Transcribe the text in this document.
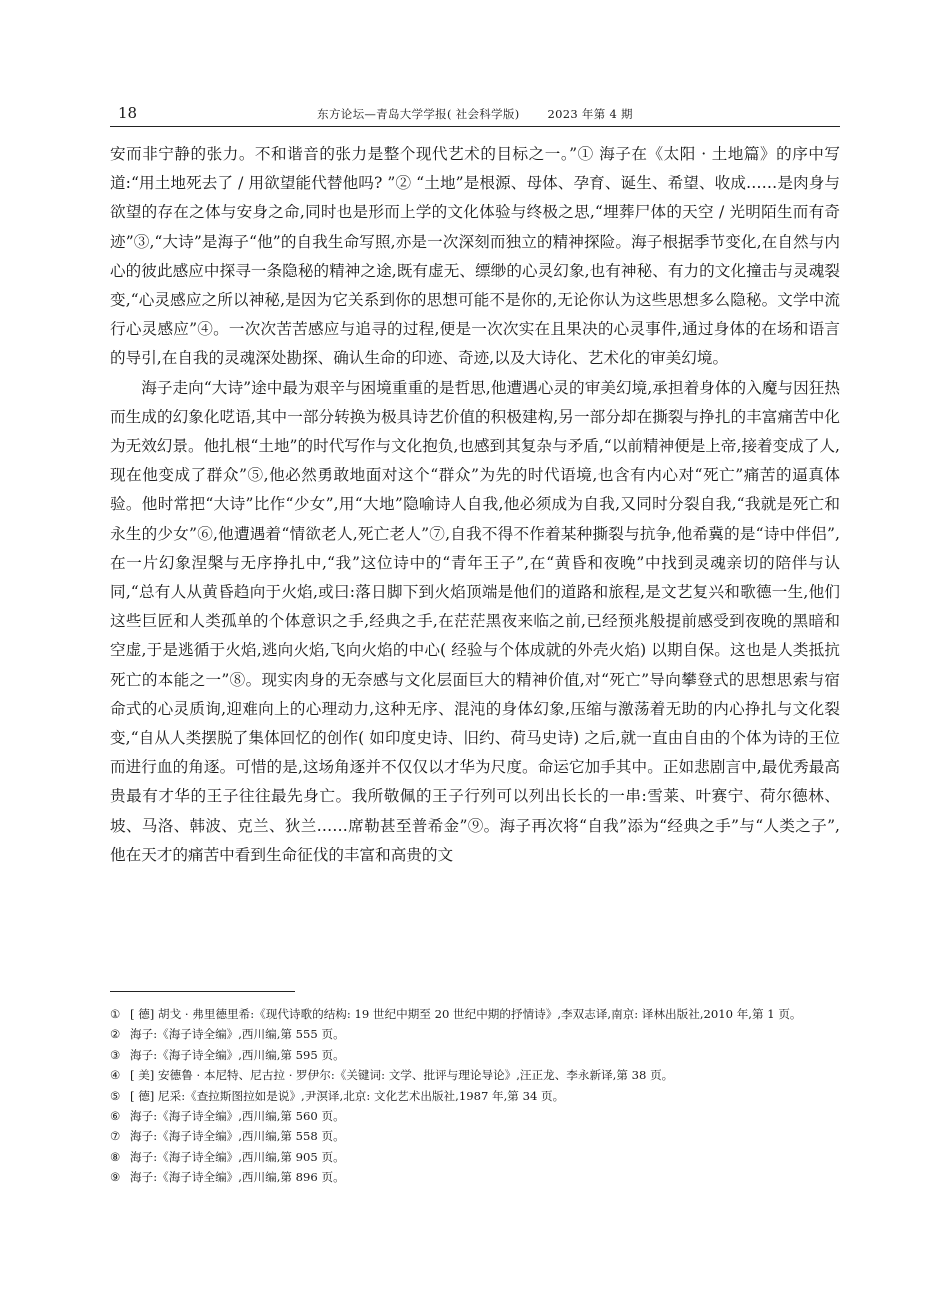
18	东方论坛—青岛大学学报( 社会科学版) 2023 年第 4 期

安而非宁静的张力。不和谐音的张力是整个现代艺术的目标之一。”① 海子在《太阳 · 土地篇》的序中写道:“用土地死去了 / 用欲望能代替他吗? ”② “土地”是根源、母体、孕育、诞生、希望、收成……是肉身与欲望的存在之体与安身之命,同时也是形而上学的文化体验与终极之思,“埋葬尸体的天空 / 光明陌生而有奇迹”③,“大诗”是海子“他”的自我生命写照,亦是一次深刻而独立的精神探险。海子根据季节变化,在自然与内心的彼此感应中探寻一条隐秘的精神之途,既有虚无、缥缈的心灵幻象,也有神秘、有力的文化撞击与灵魂裂变,“心灵感应之所以神秘,是因为它关系到你的思想可能不是你的,无论你认为这些思想多么隐秘。文学中流行心灵感应”④。一次次苦苦感应与追寻的过程,便是一次次实在且果决的心灵事件,通过身体的在场和语言的导引,在自我的灵魂深处勘探、确认生命的印迹、奇迹,以及大诗化、艺术化的审美幻境。

海子走向“大诗”途中最为艰辛与困境重重的是哲思,他遭遇心灵的审美幻境,承担着身体的入魔与因狂热而生成的幻象化呓语,其中一部分转换为极具诗艺价值的积极建构,另一部分却在撕裂与挣扎的丰富痛苦中化为无效幻景。他扎根“土地”的时代写作与文化抱负,也感到其复杂与矛盾,“以前精神便是上帝,接着变成了人,现在他变成了群众”⑤,他必然勇敢地面对这个“群众”为先的时代语境,也含有内心对“死亡”痛苦的逼真体验。他时常把“大诗”比作“少女”,用“大地”隐喻诗人自我,他必须成为自我,又同时分裂自我,“我就是死亡和永生的少女”⑥,他遭遇着“情欲老人,死亡老人”⑦,自我不得不作着某种撕裂与抗争,他希冀的是“诗中伴侣”,在一片幻象涅槃与无序挣扎中,“我”这位诗中的“青年王子”,在“黄昏和夜晚”中找到灵魂亲切的陪伴与认同,“总有人从黄昏趋向于火焰,或曰:落日脚下到火焰顶端是他们的道路和旅程,是文艺复兴和歌德一生,他们这些巨匠和人类孤单的个体意识之手,经典之手,在茫茫黑夜来临之前,已经预兆般提前感受到夜晚的黑暗和空虚,于是逃循于火焰,逃向火焰,飞向火焰的中心( 经验与个体成就的外壳火焰) 以期自保。这也是人类抵抗死亡的本能之一”⑧。现实肉身的无奈感与文化层面巨大的精神价值,对“死亡”导向攀登式的思想思索与宿命式的心灵质询,迎难向上的心理动力,这种无序、混沌的身体幻象,压缩与激荡着无助的内心挣扎与文化裂变,“自从人类摆脱了集体回忆的创作( 如印度史诗、旧约、荷马史诗) 之后,就一直由自由的个体为诗的王位而进行血的角逐。可惜的是,这场角逐并不仅仅以才华为尺度。命运它加手其中。正如悲剧言中,最优秀最高贵最有才华的王子往往最先身亡。我所敬佩的王子行列可以列出长长的一串:雪莱、叶赛宁、荷尔德林、坡、马洛、韩波、克兰、狄兰……席勒甚至普希金”⑨。海子再次将“自我”添为“经典之手”与“人类之子”,他在天才的痛苦中看到生命征伐的丰富和高贵的文

① [ 德] 胡戈 · 弗里德里希:《现代诗歌的结构: 19 世纪中期至 20 世纪中期的抒情诗》,李双志译,南京: 译林出版社,2010 年,第 1 页。
② 海子:《海子诗全编》,西川编,第 555 页。
③ 海子:《海子诗全编》,西川编,第 595 页。
④ [ 美] 安德鲁 · 本尼特、尼古拉 · 罗伊尔:《关键词: 文学、批评与理论导论》,汪正龙、李永新译,第 38 页。
⑤ [ 德] 尼采:《查拉斯图拉如是说》,尹溟译,北京: 文化艺术出版社,1987 年,第 34 页。
⑥ 海子:《海子诗全编》,西川编,第 560 页。
⑦ 海子:《海子诗全编》,西川编,第 558 页。
⑧ 海子:《海子诗全编》,西川编,第 905 页。
⑨ 海子:《海子诗全编》,西川编,第 896 页。
